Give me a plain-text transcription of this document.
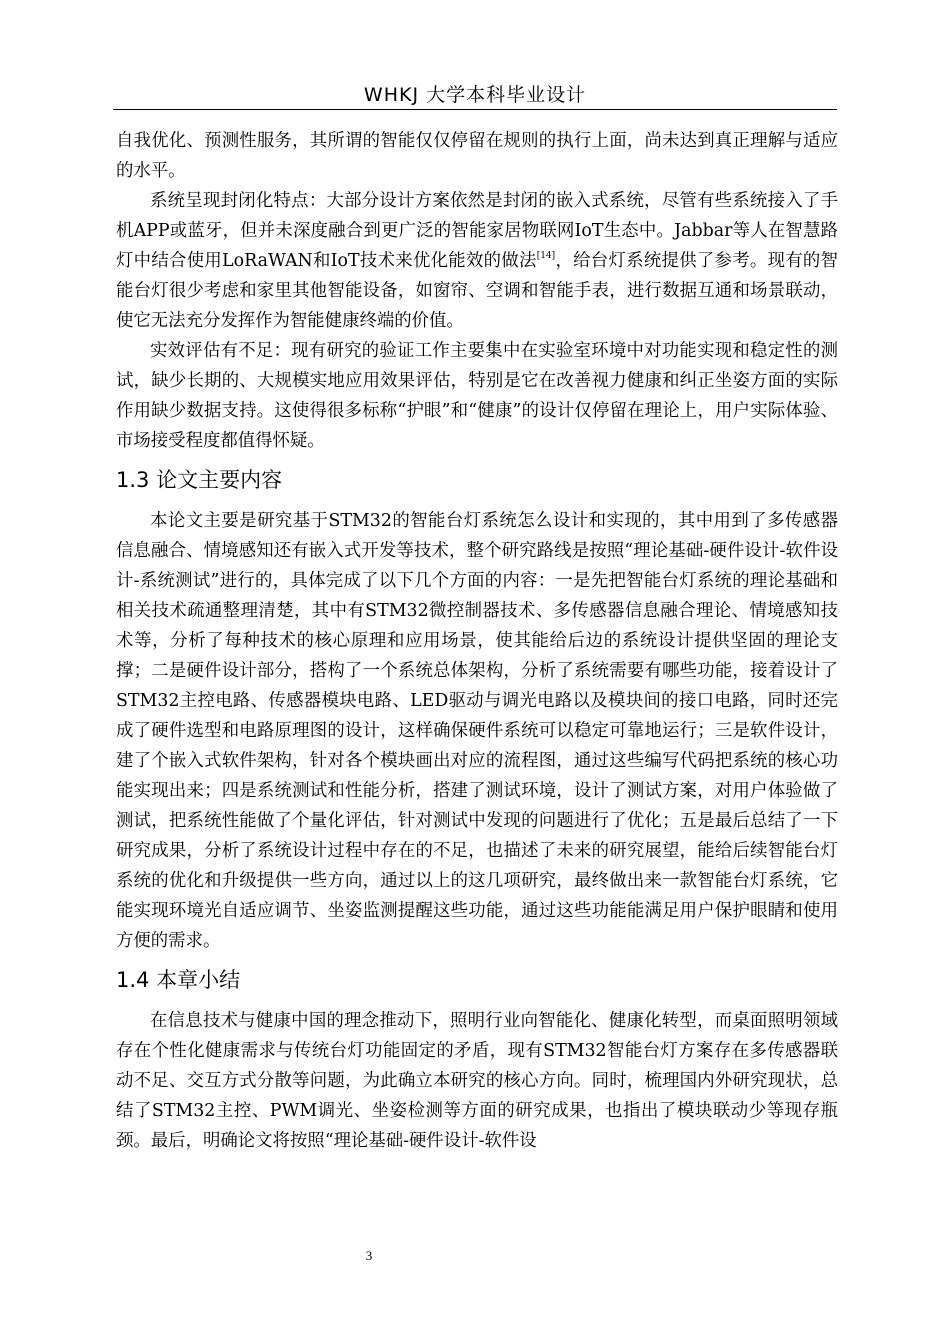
WHKJ 大学本科毕业设计

自我优化、预测性服务，其所谓的智能仅仅停留在规则的执行上面，尚未达到真正理解与适应的水平。

系统呈现封闭化特点：大部分设计方案依然是封闭的嵌入式系统，尽管有些系统接入了手机APP或蓝牙，但并未深度融合到更广泛的智能家居物联网IoT生态中。Jabbar等人在智慧路灯中结合使用LoRaWAN和IoT技术来优化能效的做法[14]，给台灯系统提供了参考。现有的智能台灯很少考虑和家里其他智能设备，如窗帘、空调和智能手表，进行数据互通和场景联动，使它无法充分发挥作为智能健康终端的价值。

实效评估有不足：现有研究的验证工作主要集中在实验室环境中对功能实现和稳定性的测试，缺少长期的、大规模实地应用效果评估，特别是它在改善视力健康和纠正坐姿方面的实际作用缺少数据支持。这使得很多标称“护眼”和“健康”的设计仅停留在理论上，用户实际体验、市场接受程度都值得怀疑。

1.3 论文主要内容

本论文主要是研究基于STM32的智能台灯系统怎么设计和实现的，其中用到了多传感器信息融合、情境感知还有嵌入式开发等技术，整个研究路线是按照“理论基础-硬件设计-软件设计-系统测试”进行的，具体完成了以下几个方面的内容：一是先把智能台灯系统的理论基础和相关技术疏通整理清楚，其中有STM32微控制器技术、多传感器信息融合理论、情境感知技术等，分析了每种技术的核心原理和应用场景，使其能给后边的系统设计提供坚固的理论支撑；二是硬件设计部分，搭构了一个系统总体架构，分析了系统需要有哪些功能，接着设计了STM32主控电路、传感器模块电路、LED驱动与调光电路以及模块间的接口电路，同时还完成了硬件选型和电路原理图的设计，这样确保硬件系统可以稳定可靠地运行；三是软件设计，建了个嵌入式软件架构，针对各个模块画出对应的流程图，通过这些编写代码把系统的核心功能实现出来；四是系统测试和性能分析，搭建了测试环境，设计了测试方案，对用户体验做了测试，把系统性能做了个量化评估，针对测试中发现的问题进行了优化；五是最后总结了一下研究成果，分析了系统设计过程中存在的不足，也描述了未来的研究展望，能给后续智能台灯系统的优化和升级提供一些方向，通过以上的这几项研究，最终做出来一款智能台灯系统，它能实现环境光自适应调节、坐姿监测提醒这些功能，通过这些功能能满足用户保护眼睛和使用方便的需求。

1.4 本章小结

在信息技术与健康中国的理念推动下，照明行业向智能化、健康化转型，而桌面照明领域存在个性化健康需求与传统台灯功能固定的矛盾，现有STM32智能台灯方案存在多传感器联动不足、交互方式分散等问题，为此确立本研究的核心方向。同时，梳理国内外研究现状，总结了STM32主控、PWM调光、坐姿检测等方面的研究成果，也指出了模块联动少等现存瓶颈。最后，明确论文将按照“理论基础-硬件设计-软件设

3
